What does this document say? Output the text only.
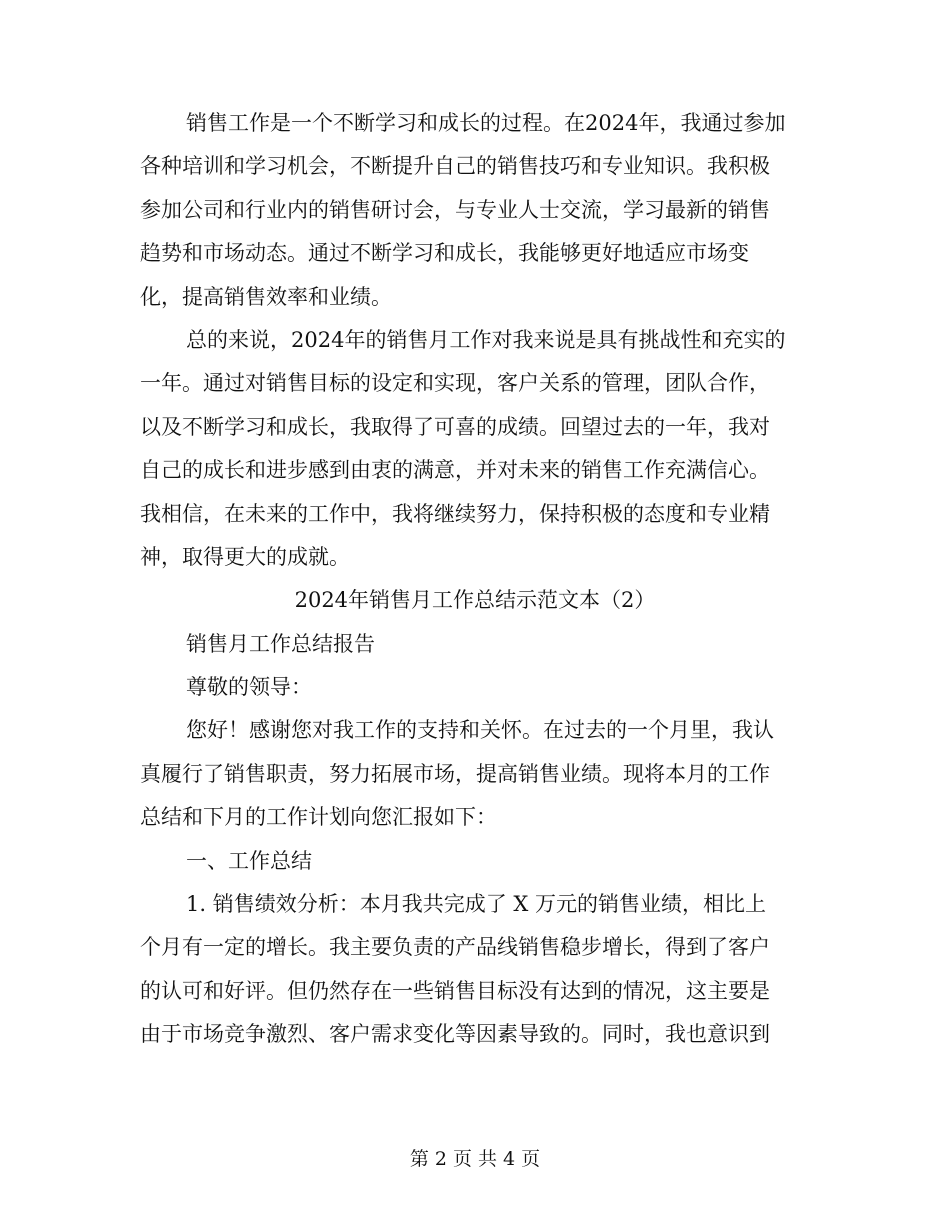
销售工作是一个不断学习和成长的过程。在2024年，我通过参加
各种培训和学习机会，不断提升自己的销售技巧和专业知识。我积极
参加公司和行业内的销售研讨会，与专业人士交流，学习最新的销售
趋势和市场动态。通过不断学习和成长，我能够更好地适应市场变
化，提高销售效率和业绩。
总的来说，2024年的销售月工作对我来说是具有挑战性和充实的
一年。通过对销售目标的设定和实现，客户关系的管理，团队合作，
以及不断学习和成长，我取得了可喜的成绩。回望过去的一年，我对
自己的成长和进步感到由衷的满意，并对未来的销售工作充满信心。
我相信，在未来的工作中，我将继续努力，保持积极的态度和专业精
神，取得更大的成就。
2024年销售月工作总结示范文本（2）
销售月工作总结报告
尊敬的领导：
您好！感谢您对我工作的支持和关怀。在过去的一个月里，我认
真履行了销售职责，努力拓展市场，提高销售业绩。现将本月的工作
总结和下月的工作计划向您汇报如下：
一、工作总结
1. 销售绩效分析：本月我共完成了 X 万元的销售业绩，相比上
个月有一定的增长。我主要负责的产品线销售稳步增长，得到了客户
的认可和好评。但仍然存在一些销售目标没有达到的情况，这主要是
由于市场竞争激烈、客户需求变化等因素导致的。同时，我也意识到
第 2 页 共 4 页
